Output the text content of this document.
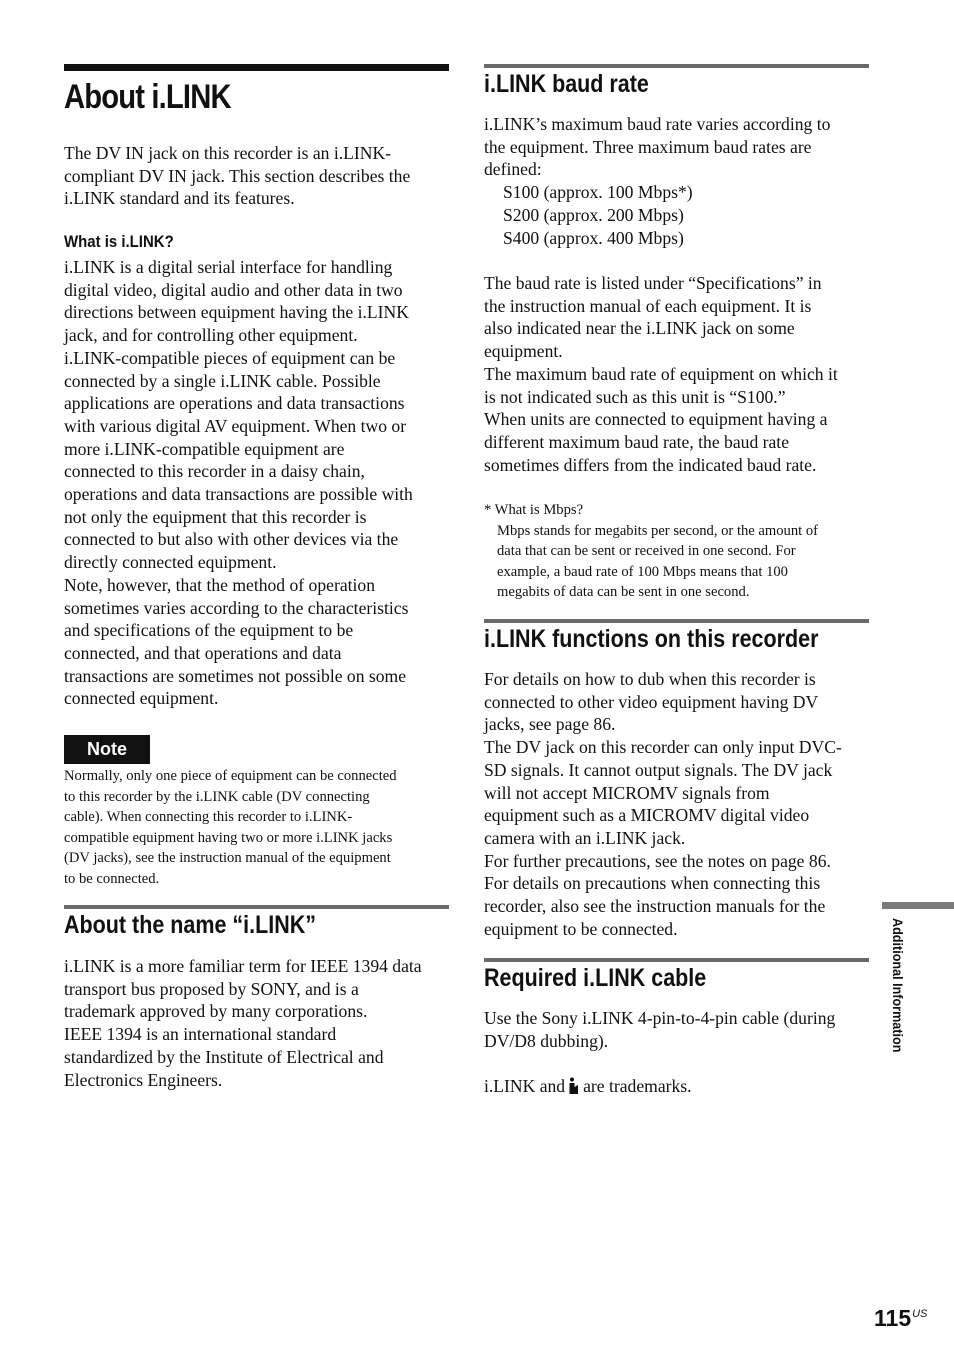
About i.LINK
The DV IN jack on this recorder is an i.LINK-
compliant DV IN jack. This section describes the
i.LINK standard and its features.
What is i.LINK?
i.LINK is a digital serial interface for handling
digital video, digital audio and other data in two
directions between equipment having the i.LINK
jack, and for controlling other equipment.
i.LINK-compatible pieces of equipment can be
connected by a single i.LINK cable. Possible
applications are operations and data transactions
with various digital AV equipment. When two or
more i.LINK-compatible equipment are
connected to this recorder in a daisy chain,
operations and data transactions are possible with
not only the equipment that this recorder is
connected to but also with other devices via the
directly connected equipment.
Note, however, that the method of operation
sometimes varies according to the characteristics
and specifications of the equipment to be
connected, and that operations and data
transactions are sometimes not possible on some
connected equipment.
Note
Normally, only one piece of equipment can be connected
to this recorder by the i.LINK cable (DV connecting
cable). When connecting this recorder to i.LINK-
compatible equipment having two or more i.LINK jacks
(DV jacks), see the instruction manual of the equipment
to be connected.
About the name “i.LINK”
i.LINK is a more familiar term for IEEE 1394 data
transport bus proposed by SONY, and is a
trademark approved by many corporations.
IEEE 1394 is an international standard
standardized by the Institute of Electrical and
Electronics Engineers.
i.LINK baud rate
i.LINK’s maximum baud rate varies according to
the equipment. Three maximum baud rates are
defined:
S100 (approx. 100 Mbps*)
S200 (approx. 200 Mbps)
S400 (approx. 400 Mbps)
The baud rate is listed under “Specifications” in
the instruction manual of each equipment. It is
also indicated near the i.LINK jack on some
equipment.
The maximum baud rate of equipment on which it
is not indicated such as this unit is “S100.”
When units are connected to equipment having a
different maximum baud rate, the baud rate
sometimes differs from the indicated baud rate.
* What is Mbps?
Mbps stands for megabits per second, or the amount of
data that can be sent or received in one second. For
example, a baud rate of 100 Mbps means that 100
megabits of data can be sent in one second.
i.LINK functions on this recorder
For details on how to dub when this recorder is
connected to other video equipment having DV
jacks, see page 86.
The DV jack on this recorder can only input DVC-
SD signals. It cannot output signals. The DV jack
will not accept MICROMV signals from
equipment such as a MICROMV digital video
camera with an i.LINK jack.
For further precautions, see the notes on page 86.
For details on precautions when connecting this
recorder, also see the instruction manuals for the
equipment to be connected.
Required i.LINK cable
Use the Sony i.LINK 4-pin-to-4-pin cable (during
DV/D8 dubbing).
i.LINK and are trademarks.
Additional Information
$115^{US}$
